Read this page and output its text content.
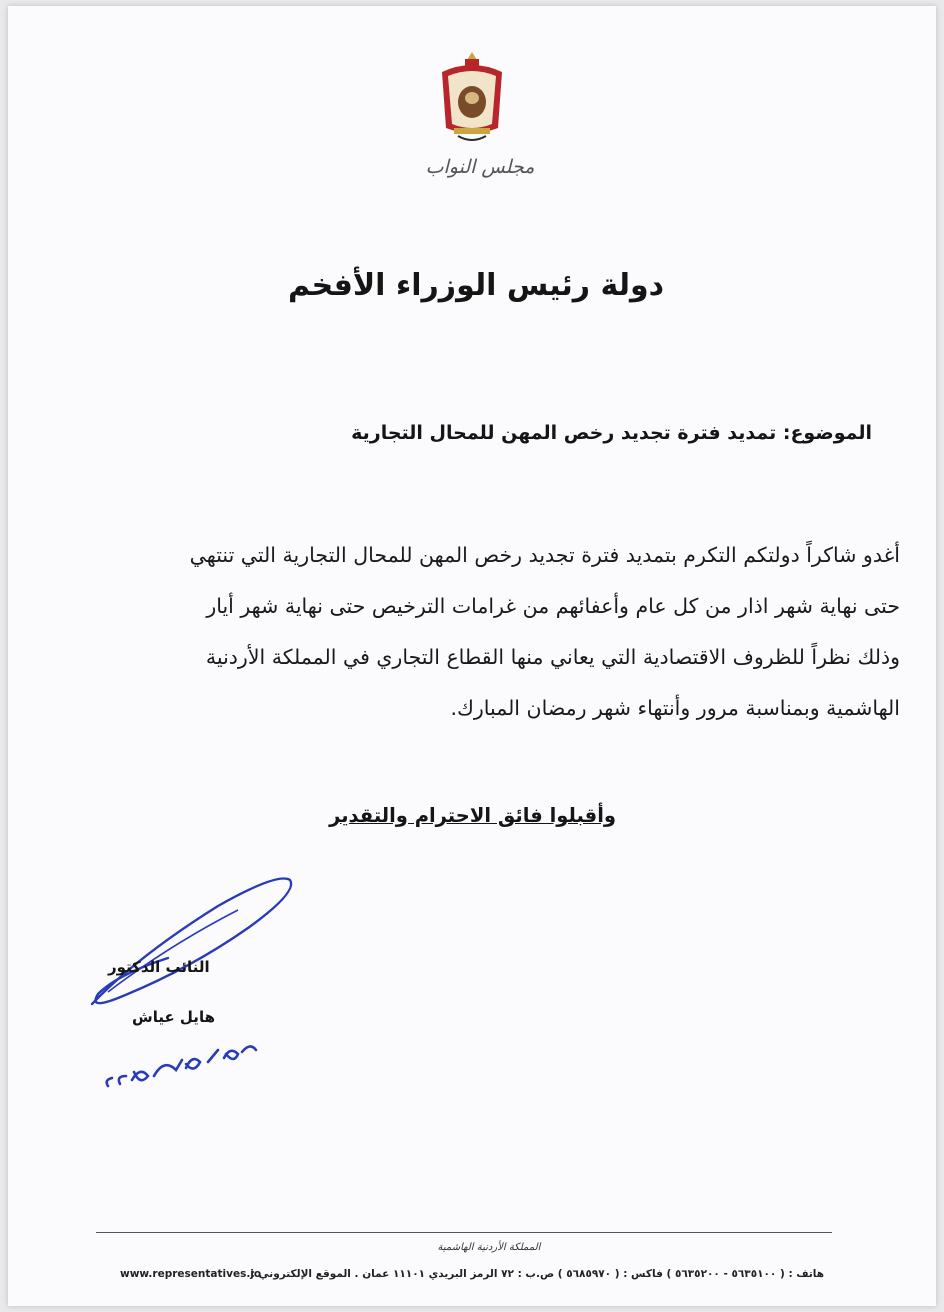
مجلس النواب
دولة رئيس الوزراء الأفخم
الموضوع: تمديد فترة تجديد رخص المهن للمحال التجارية
أغدو شاكراً دولتكم التكرم بتمديد فترة تجديد رخص المهن للمحال التجارية التي تنتهي
حتى نهاية شهر اذار من كل عام وأعفائهم من غرامات الترخيص حتى نهاية شهر أيار
وذلك نظراً للظروف الاقتصادية التي يعاني منها القطاع التجاري في المملكة الأردنية
الهاشمية وبمناسبة مرور وأنتهاء شهر رمضان المبارك.
وأقبلوا فائق الاحترام والتقدير
النائب الدكتور
هايل عياش
المملكة الأردنية الهاشمية
هاتف : ( ٥٦٣٥١٠٠ - ٥٦٣٥٢٠٠ ) فاكس : ( ٥٦٨٥٩٧٠ ) ص.ب : ٧٢ الرمز البريدي ١١١٠١ عمان . الموقع الإلكتروني :
www.representatives.jo
